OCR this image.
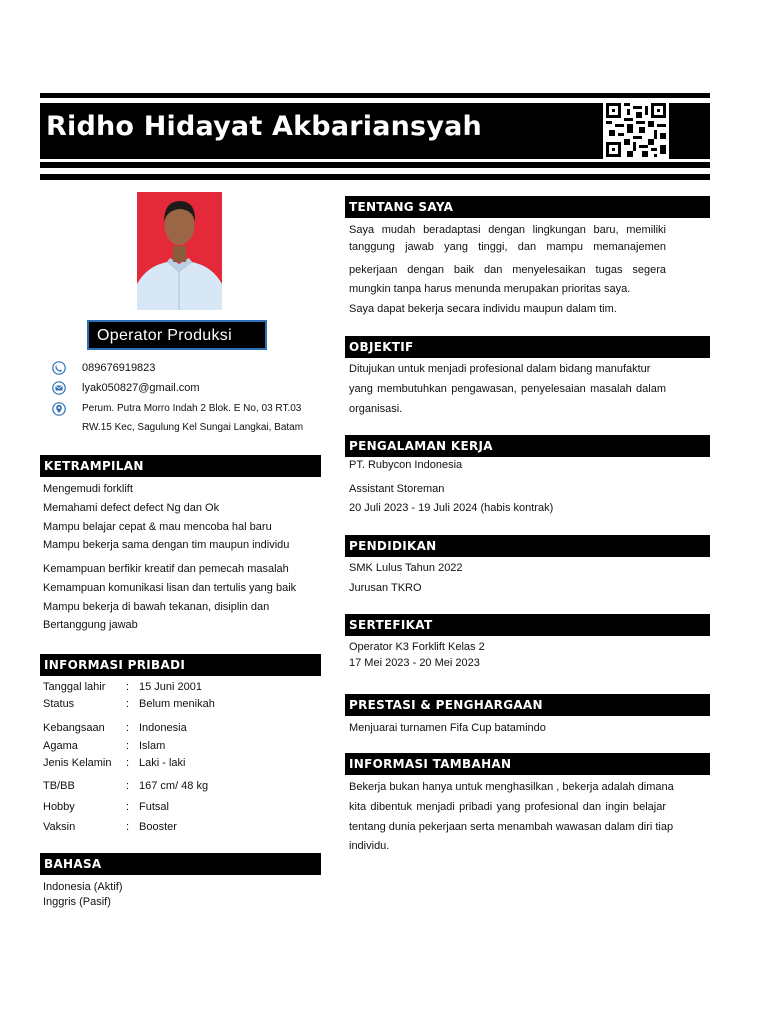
Ridho Hidayat Akbariansyah
Operator Produksi
089676919823
lyak050827@gmail.com
Perum. Putra Morro Indah 2 Blok. E No, 03 RT.03
RW.15 Kec, Sagulung Kel Sungai Langkai, Batam
KETRAMPILAN
Mengemudi forklift
Memahami defect defect Ng dan Ok
Mampu belajar cepat & mau mencoba hal baru
Mampu bekerja sama dengan tim maupun individu
Kemampuan berfikir kreatif dan pemecah masalah
Kemampuan komunikasi lisan dan tertulis yang baik
Mampu bekerja di bawah tekanan, disiplin dan
Bertanggung jawab
INFORMASI PRIBADI
Tanggal lahir : 15 Juni 2001
Status	: Belum menikah
Kebangsaan : Indonesia
Agama	: Islam
Jenis Kelamin : Laki - laki
TB/BB	: 167 cm/ 48 kg
Hobby	: Futsal
Vaksin	: Booster
BAHASA
Indonesia (Aktif)
Inggris (Pasif)
TENTANG SAYA
Saya mudah beradaptasi dengan lingkungan baru, memiliki
tanggung jawab yang tinggi, dan mampu memanajemen
pekerjaan dengan baik dan menyelesaikan tugas segera
mungkin tanpa harus menunda merupakan prioritas saya.
Saya dapat bekerja secara individu maupun dalam tim.
OBJEKTIF
Ditujukan untuk menjadi profesional dalam bidang manufaktur
yang membutuhkan pengawasan, penyelesaian masalah dalam
organisasi.
PENGALAMAN KERJA
PT. Rubycon Indonesia
Assistant Storeman
20 Juli 2023 - 19 Juli 2024 (habis kontrak)
PENDIDIKAN
SMK Lulus Tahun 2022
Jurusan TKRO
SERTEFIKAT
Operator K3 Forklift Kelas 2
17 Mei 2023 - 20 Mei 2023
PRESTASI & PENGHARGAAN
Menjuarai turnamen Fifa Cup batamindo
INFORMASI TAMBAHAN
Bekerja bukan hanya untuk menghasilkan , bekerja adalah dimana
kita dibentuk menjadi pribadi yang profesional dan ingin belajar
tentang dunia pekerjaan serta menambah wawasan dalam diri tiap
individu.
